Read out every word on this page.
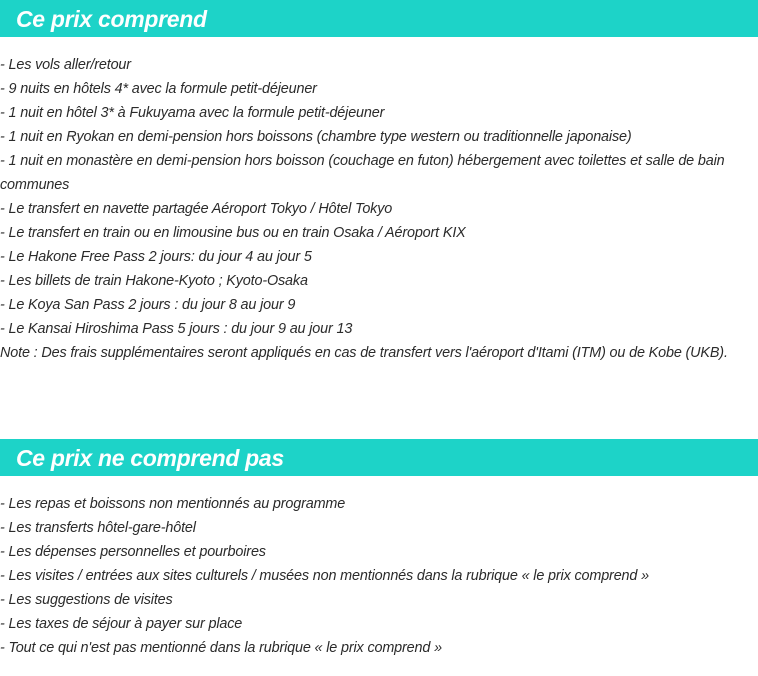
Ce prix comprend
- Les vols aller/retour
- 9 nuits en hôtels 4* avec la formule petit-déjeuner
- 1 nuit en hôtel 3* à Fukuyama avec la formule petit-déjeuner
- 1 nuit en Ryokan en demi-pension hors boissons (chambre type western ou traditionnelle japonaise)
- 1 nuit en monastère en demi-pension hors boisson (couchage en futon) hébergement avec toilettes et salle de bain communes
- Le transfert en navette partagée Aéroport Tokyo / Hôtel Tokyo
- Le transfert en train ou en limousine bus ou en train Osaka / Aéroport KIX
- Le Hakone Free Pass 2 jours: du jour 4 au jour 5
- Les billets de train Hakone-Kyoto ; Kyoto-Osaka
- Le Koya San Pass 2 jours : du jour 8 au jour 9
- Le Kansai Hiroshima Pass 5 jours : du jour 9 au jour 13
Note : Des frais supplémentaires seront appliqués en cas de transfert vers l'aéroport d'Itami (ITM) ou de Kobe (UKB).
Ce prix ne comprend pas
- Les repas et boissons non mentionnés au programme
- Les transferts hôtel-gare-hôtel
- Les dépenses personnelles et pourboires
- Les visites / entrées aux sites culturels / musées non mentionnés dans la rubrique « le prix comprend »
- Les suggestions de visites
- Les taxes de séjour à payer sur place
- Tout ce qui n'est pas mentionné dans la rubrique « le prix comprend »
